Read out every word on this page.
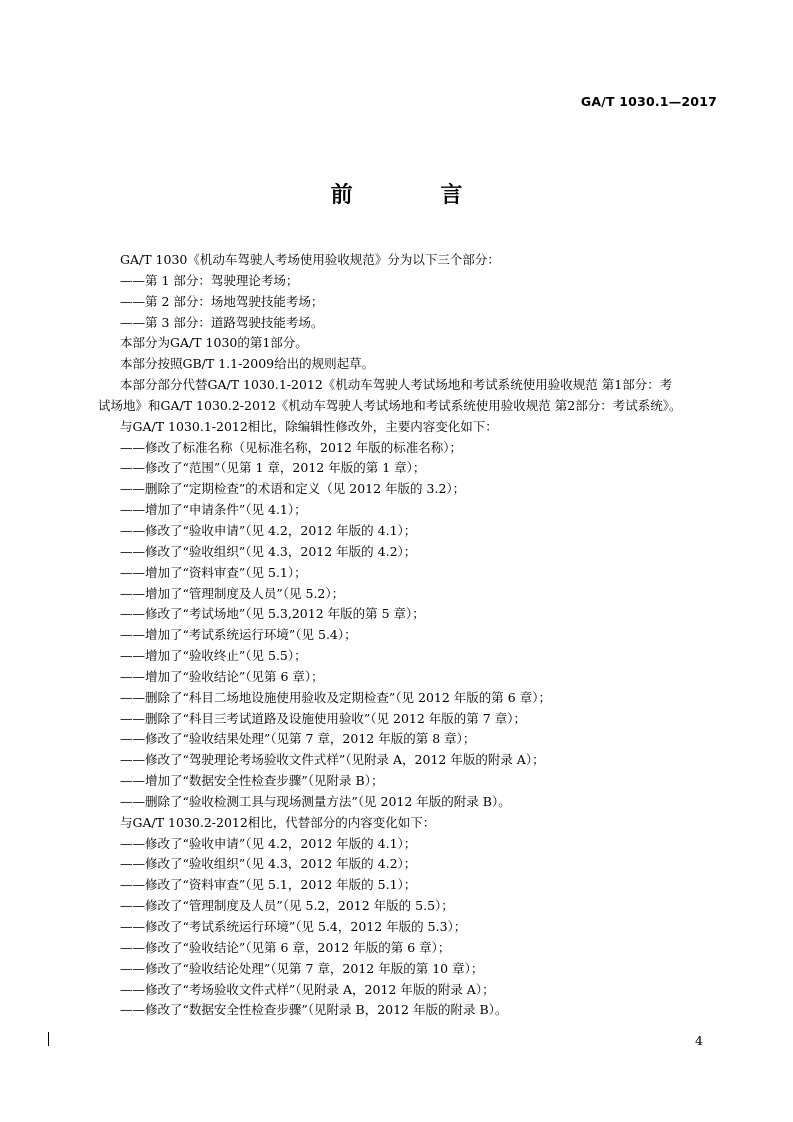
GA/T 1030.1—2017
前 言
GA/T 1030《机动车驾驶人考场使用验收规范》分为以下三个部分：
——第 1 部分：驾驶理论考场；
——第 2 部分：场地驾驶技能考场；
——第 3 部分：道路驾驶技能考场。
本部分为GA/T 1030的第1部分。
本部分按照GB/T 1.1-2009给出的规则起草。
本部分部分代替GA/T 1030.1-2012《机动车驾驶人考试场地和考试系统使用验收规范 第1部分：考
试场地》和GA/T 1030.2-2012《机动车驾驶人考试场地和考试系统使用验收规范 第2部分：考试系统》。
与GA/T 1030.1-2012相比，除编辑性修改外，主要内容变化如下：
——修改了标准名称（见标准名称，2012 年版的标准名称）；
——修改了“范围”（见第 1 章，2012 年版的第 1 章）；
——删除了“定期检查”的术语和定义（见 2012 年版的 3.2）；
——增加了“申请条件”（见 4.1）；
——修改了“验收申请”（见 4.2，2012 年版的 4.1）；
——修改了“验收组织”（见 4.3，2012 年版的 4.2）；
——增加了“资料审查”（见 5.1）；
——增加了“管理制度及人员”（见 5.2）；
——修改了“考试场地”（见 5.3,2012 年版的第 5 章）；
——增加了“考试系统运行环境”（见 5.4）；
——增加了“验收终止”（见 5.5）；
——增加了“验收结论”（见第 6 章）；
——删除了“科目二场地设施使用验收及定期检查”（见 2012 年版的第 6 章）；
——删除了“科目三考试道路及设施使用验收”（见 2012 年版的第 7 章）；
——修改了“验收结果处理”（见第 7 章，2012 年版的第 8 章）；
——修改了“驾驶理论考场验收文件式样”（见附录 A，2012 年版的附录 A）；
——增加了“数据安全性检查步骤”（见附录 B）；
——删除了“验收检测工具与现场测量方法”（见 2012 年版的附录 B）。
与GA/T 1030.2-2012相比，代替部分的内容变化如下：
——修改了“验收申请”（见 4.2，2012 年版的 4.1）；
——修改了“验收组织”（见 4.3，2012 年版的 4.2）；
——修改了“资料审查”（见 5.1，2012 年版的 5.1）；
——修改了“管理制度及人员”（见 5.2，2012 年版的 5.5）；
——修改了“考试系统运行环境”（见 5.4，2012 年版的 5.3）；
——修改了“验收结论”（见第 6 章，2012 年版的第 6 章）；
——修改了“验收结论处理”（见第 7 章，2012 年版的第 10 章）；
——修改了“考场验收文件式样”（见附录 A，2012 年版的附录 A）；
——修改了“数据安全性检查步骤”（见附录 B，2012 年版的附录 B）。
4
